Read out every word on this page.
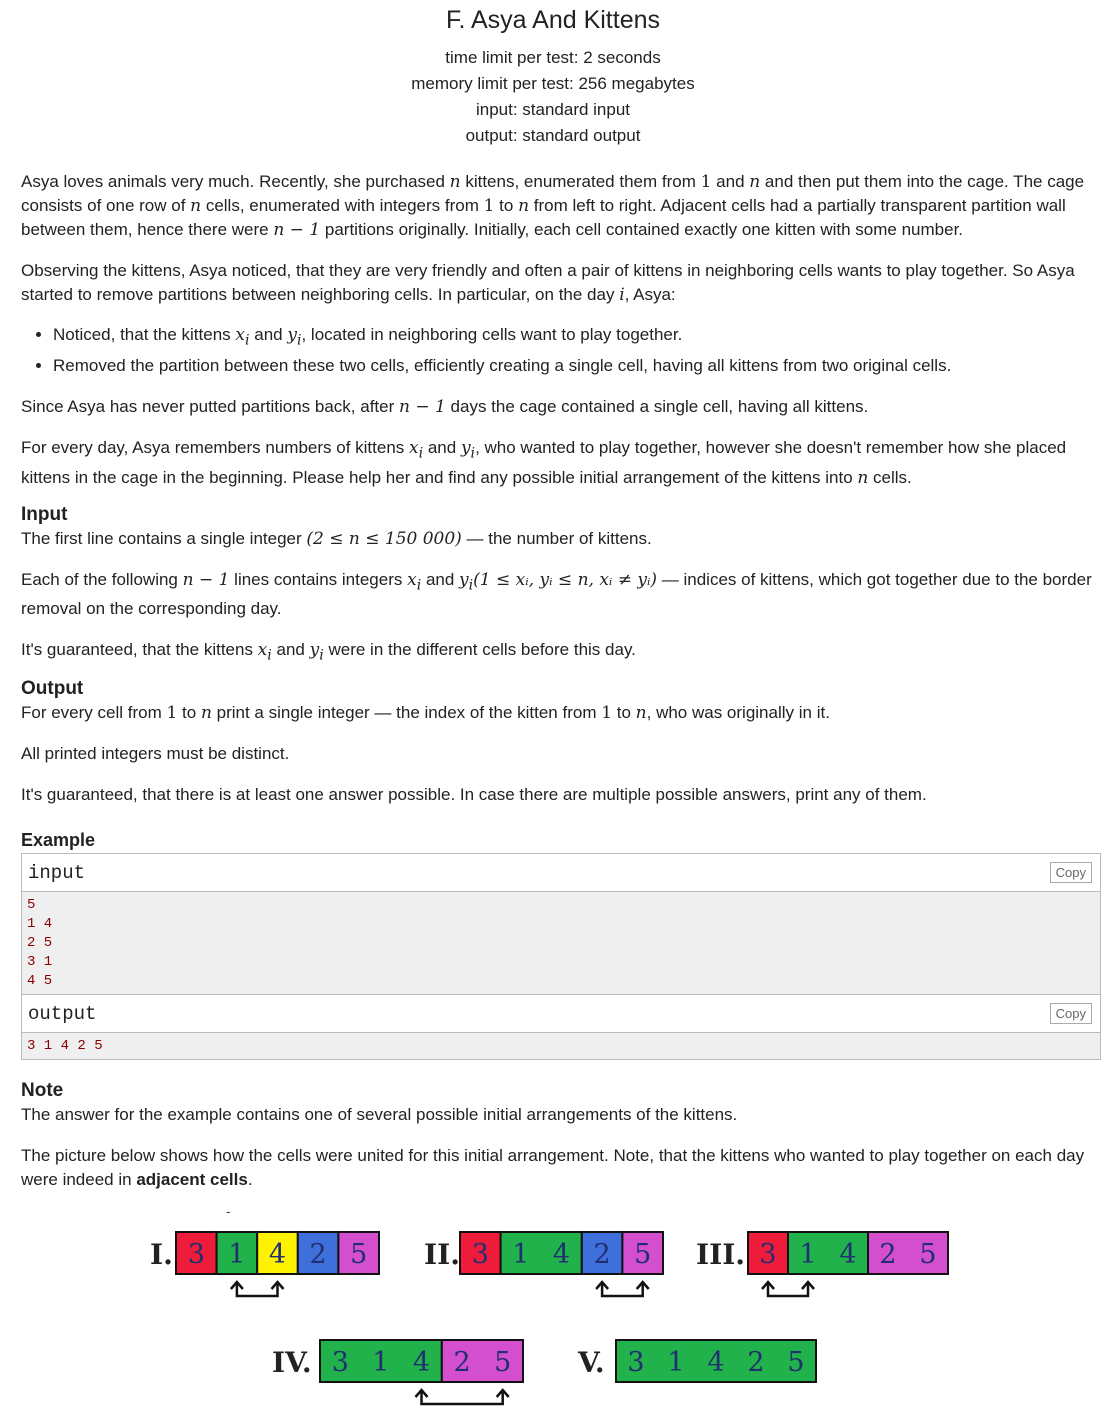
F. Asya And Kittens
time limit per test: 2 seconds
memory limit per test: 256 megabytes
input: standard input
output: standard output

Asya loves animals very much. Recently, she purchased n kittens, enumerated them from 1 and n and then put them into the cage. The cage consists of one row of n cells, enumerated with integers from 1 to n from left to right. Adjacent cells had a partially transparent partition wall between them, hence there were n − 1 partitions originally. Initially, each cell contained exactly one kitten with some number.

Observing the kittens, Asya noticed, that they are very friendly and often a pair of kittens in neighboring cells wants to play together. So Asya started to remove partitions between neighboring cells. In particular, on the day i, Asya:

• Noticed, that the kittens $x_i$ and $y_i$, located in neighboring cells want to play together.
• Removed the partition between these two cells, efficiently creating a single cell, having all kittens from two original cells.

Since Asya has never putted partitions back, after n − 1 days the cage contained a single cell, having all kittens.

For every day, Asya remembers numbers of kittens $x_i$ and $y_i$, who wanted to play together, however she doesn't remember how she placed kittens in the cage in the beginning. Please help her and find any possible initial arrangement of the kittens into n cells.

Input

The first line contains a single integer (2 ≤ n ≤ 150 000) — the number of kittens.

Each of the following n − 1 lines contains integers $x_i$ and $y_i(1$ ≤ xᵢ, yᵢ ≤ n, xᵢ ≠ yᵢ) — indices of kittens, which got together due to the border removal on the corresponding day.

It's guaranteed, that the kittens $x_i$ and $y_i$ were in the different cells before this day.

Output

For every cell from 1 to n print a single integer — the index of the kitten from 1 to n, who was originally in it.

All printed integers must be distinct.

It's guaranteed, that there is at least one answer possible. In case there are multiple possible answers, print any of them.

Example
input	Copy
5
1 4
2 5
3 1
4 5
output	Copy
3 1 4 2 5
Note

The answer for the example contains one of several possible initial arrangements of the kittens.

The picture below shows how the cells were united for this initial arrangement. Note, that the kittens who wanted to play together on each day were indeed in adjacent cells.

-
I. 3 1 4 2 5 II. 3 1 4 2 5 III. 3 1 4 2 5
IV. 3 1 4 2 5 V. 3 1 4 2 5
